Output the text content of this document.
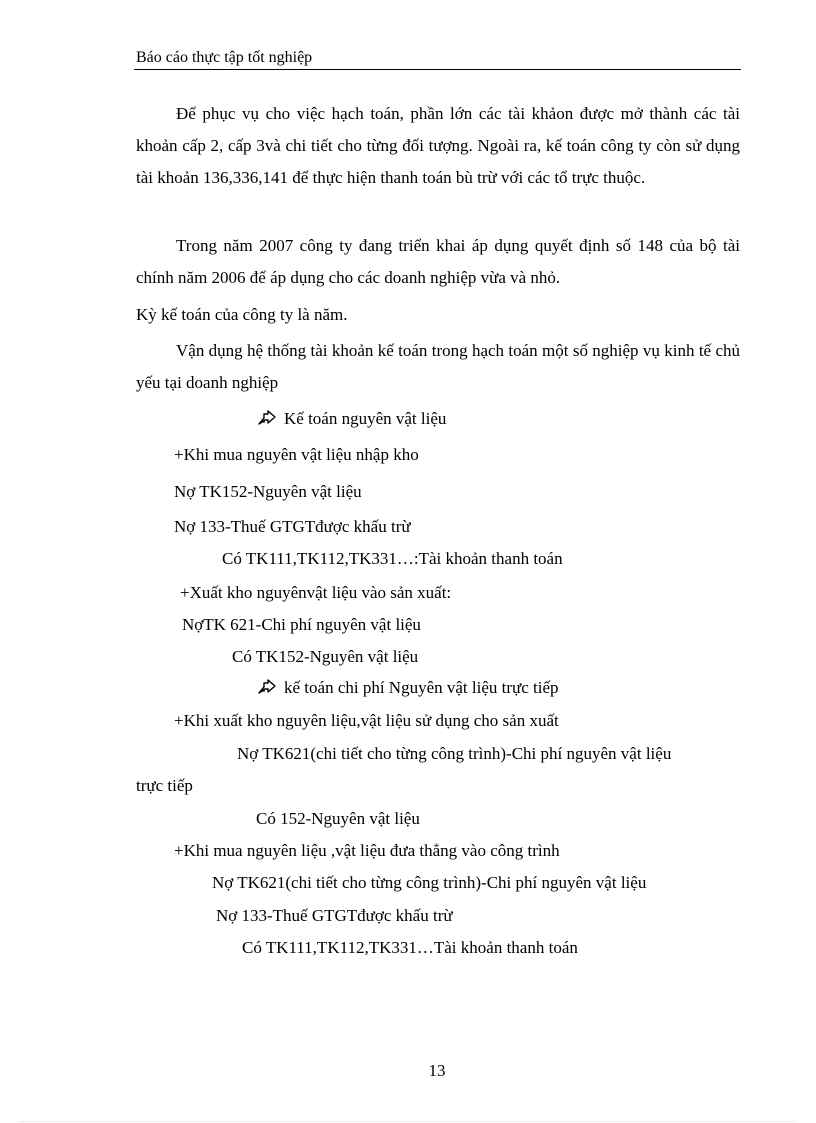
Báo cáo thực tập tốt nghiệp
Để phục vụ cho việc hạch toán, phần lớn các tài khảon được mở thành các tài khoản cấp 2, cấp 3và chi tiết cho từng đối tượng. Ngoài ra, kế toán công ty còn sử dụng tài khoản 136,336,141 để thực hiện thanh toán bù trừ với các tổ trực thuộc.
Trong năm 2007 công ty đang triển khai áp dụng quyết định số 148 của bộ tài chính năm 2006 để áp dụng cho các doanh nghiệp vừa và nhỏ.
Kỳ kế toán của công ty là năm.
Vận dụng hệ thống tài khoản kế toán trong hạch toán một số nghiệp vụ kinh tế chủ yếu tại doanh nghiệp
Kế toán nguyên vật liệu
+Khi mua nguyên vật liệu nhập kho
Nợ TK152-Nguyên vật liệu
Nợ 133-Thuế GTGTđược khấu trừ
Có TK111,TK112,TK331…:Tài khoản thanh toán
+Xuất kho nguyênvật liệu vào sản xuất:
NợTK 621-Chi phí nguyên vật liệu
Có TK152-Nguyên vật liệu
kế toán chi phí Nguyên vật liệu trực tiếp
+Khi xuất kho nguyên liệu,vật liệu sử dụng cho sản xuất
Nợ TK621(chi tiết cho từng công trình)-Chi phí nguyên vật liệu
trực tiếp
Có 152-Nguyên vật liệu
+Khi mua nguyên liệu ,vật liệu đưa thẳng vào công trình
Nợ TK621(chi tiết cho từng công trình)-Chi phí nguyên vật liệu
Nợ 133-Thuế GTGTđược khấu trừ
Có TK111,TK112,TK331…Tài khoản thanh toán
13
